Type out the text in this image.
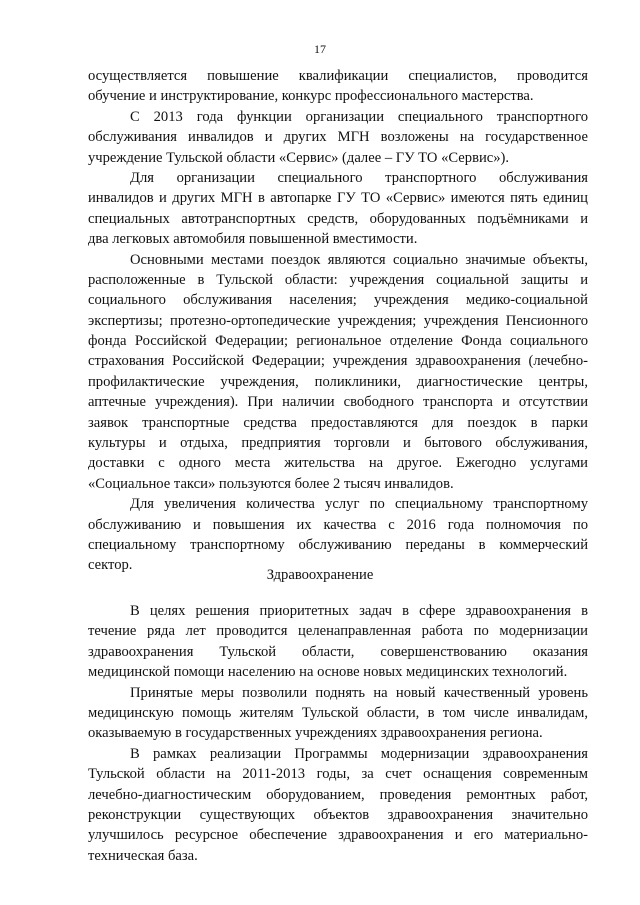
17
осуществляется повышение квалификации специалистов, проводится
обучение и инструктирование, конкурс профессионального мастерства.
С 2013 года функции организации специального транспортного
обслуживания инвалидов и других МГН возложены на государственное
учреждение Тульской области «Сервис» (далее – ГУ ТО «Сервис»).
Для организации специального транспортного обслуживания
инвалидов и других МГН в автопарке ГУ ТО «Сервис» имеются пять единиц
специальных автотранспортных средств, оборудованных подъёмниками и
два легковых автомобиля повышенной вместимости.
Основными местами поездок являются социально значимые объекты,
расположенные в Тульской области: учреждения социальной защиты и
социального обслуживания населения; учреждения медико-социальной
экспертизы; протезно-ортопедические учреждения; учреждения Пенсионного
фонда Российской Федерации; региональное отделение Фонда социального
страхования Российской Федерации; учреждения здравоохранения (лечебно-
профилактические учреждения, поликлиники, диагностические центры,
аптечные учреждения). При наличии свободного транспорта и отсутствии
заявок транспортные средства предоставляются для поездок в парки
культуры и отдыха, предприятия торговли и бытового обслуживания,
доставки с одного места жительства на другое. Ежегодно услугами
«Социальное такси» пользуются более 2 тысяч инвалидов.
Для увеличения количества услуг по специальному транспортному
обслуживанию и повышения их качества с 2016 года полномочия по
специальному транспортному обслуживанию переданы в коммерческий
сектор.
Здравоохранение
В целях решения приоритетных задач в сфере здравоохранения в
течение ряда лет проводится целенаправленная работа по модернизации
здравоохранения Тульской области, совершенствованию оказания
медицинской помощи населению на основе новых медицинских технологий.
Принятые меры позволили поднять на новый качественный уровень
медицинскую помощь жителям Тульской области, в том числе инвалидам,
оказываемую в государственных учреждениях здравоохранения региона.
В рамках реализации Программы модернизации здравоохранения
Тульской области на 2011-2013 годы, за счет оснащения современным
лечебно-диагностическим оборудованием, проведения ремонтных работ,
реконструкции существующих объектов здравоохранения значительно
улучшилось ресурсное обеспечение здравоохранения и его материально-
техническая база.
